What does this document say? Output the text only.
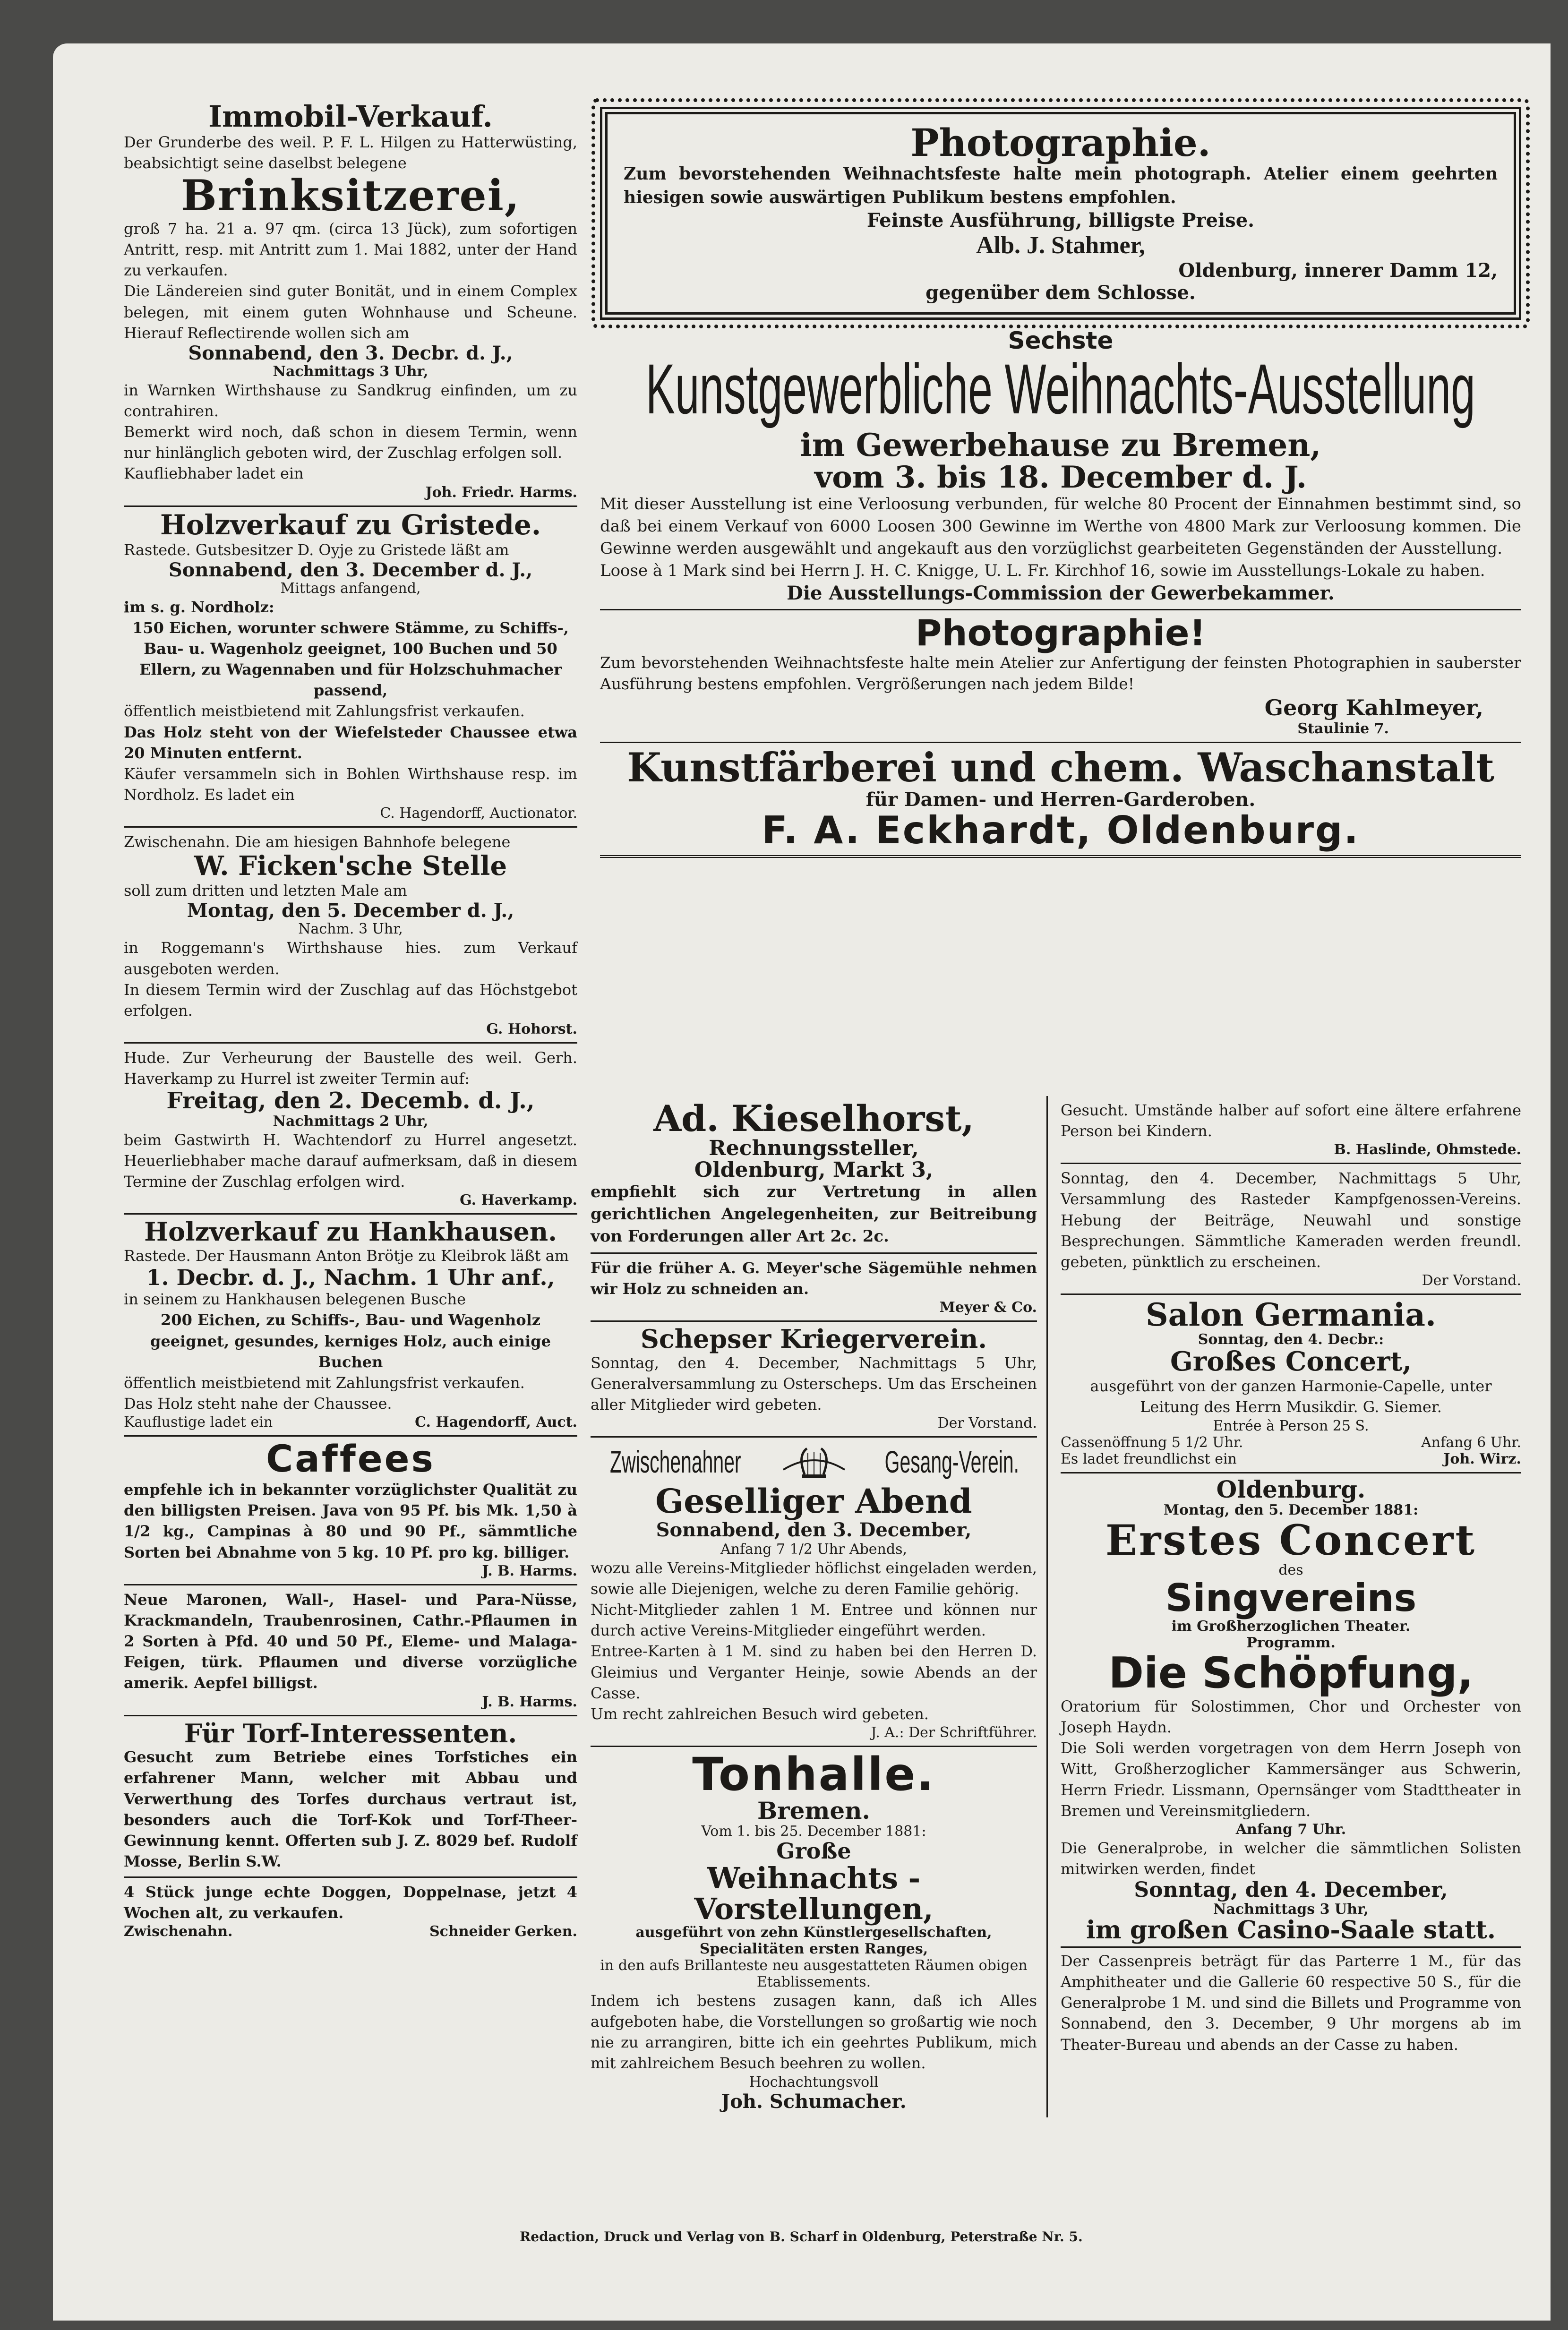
Immobil-Verkauf.
Der Grunderbe des weil. P. F. L. Hilgen zu Hatterwüsting, beabsichtigt seine daselbst belegene
Brinksitzerei,
groß 7 ha. 21 a. 97 qm. (circa 13 Jück), zum sofortigen Antritt, resp. mit Antritt zum 1. Mai 1882, unter der Hand zu verkaufen.
Die Ländereien sind guter Bonität, und in einem Complex belegen, mit einem guten Wohnhause und Scheune. Hierauf Reflectirende wollen sich am
Sonnabend, den 3. Decbr. d. J.,
Nachmittags 3 Uhr,
in Warnken Wirthshause zu Sandkrug einfinden, um zu contrahiren.
Bemerkt wird noch, daß schon in diesem Termin, wenn nur hinlänglich geboten wird, der Zuschlag erfolgen soll.
Kaufliebhaber ladet ein
Joh. Friedr. Harms.
Holzverkauf zu Gristede.
Rastede. Gutsbesitzer D. Oyje zu Gristede läßt am
Sonnabend, den 3. December d. J.,
Mittags anfangend,
im s. g. Nordholz:
150 Eichen, worunter schwere Stämme, zu Schiffs-, Bau- u. Wagenholz geeignet, 100 Buchen und 50 Ellern, zu Wagennaben und für Holzschuhmacher passend,
öffentlich meistbietend mit Zahlungsfrist verkaufen.
Das Holz steht von der Wiefelsteder Chaussee etwa 20 Minuten entfernt.
Käufer versammeln sich in Bohlen Wirthshause resp. im Nordholz. Es ladet ein
C. Hagendorff, Auctionator.
Zwischenahn. Die am hiesigen Bahnhofe belegene
W. Ficken'sche Stelle
soll zum dritten und letzten Male am
Montag, den 5. December d. J.,
Nachm. 3 Uhr,
in Roggemann's Wirthshause hies. zum Verkauf ausgeboten werden.
In diesem Termin wird der Zuschlag auf das Höchstgebot erfolgen.
G. Hohorst.
Hude. Zur Verheurung der Baustelle des weil. Gerh. Haverkamp zu Hurrel ist zweiter Termin auf:
Freitag, den 2. Decemb. d. J.,
Nachmittags 2 Uhr,
beim Gastwirth H. Wachtendorf zu Hurrel angesetzt. Heuerliebhaber mache darauf aufmerksam, daß in diesem Termine der Zuschlag erfolgen wird.
G. Haverkamp.
Holzverkauf zu Hankhausen.
Rastede. Der Hausmann Anton Brötje zu Kleibrok läßt am
1. Decbr. d. J., Nachm. 1 Uhr anf.,
in seinem zu Hankhausen belegenen Busche
200 Eichen, zu Schiffs-, Bau- und Wagenholz geeignet, gesundes, kerniges Holz, auch einige Buchen
öffentlich meistbietend mit Zahlungsfrist verkaufen.
Das Holz steht nahe der Chaussee.
Kauflustige ladet ein	C. Hagendorff, Auct.
Caffees
empfehle ich in bekannter vorzüglichster Qualität zu den billigsten Preisen. Java von 95 Pf. bis Mk. 1,50 à 1/2 kg., Campinas à 80 und 90 Pf., sämmtliche Sorten bei Abnahme von 5 kg. 10 Pf. pro kg. billiger.
J. B. Harms.
Neue Maronen, Wall-, Hasel- und Para-Nüsse, Krackmandeln, Traubenrosinen, Cathr.-Pflaumen in 2 Sorten à Pfd. 40 und 50 Pf., Eleme- und Malaga-Feigen, türk. Pflaumen und diverse vorzügliche amerik. Aepfel billigst.
J. B. Harms.
Für Torf-Interessenten.
Gesucht zum Betriebe eines Torfstiches ein erfahrener Mann, welcher mit Abbau und Verwerthung des Torfes durchaus vertraut ist, besonders auch die Torf-Kok und Torf-Theer-Gewinnung kennt. Offerten sub J. Z. 8029 bef. Rudolf Mosse, Berlin S.W.
4 Stück junge echte Doggen, Doppelnase, jetzt 4 Wochen alt, zu verkaufen.
Zwischenahn.	Schneider Gerken.
Photographie.
Zum bevorstehenden Weihnachtsfeste halte mein photograph. Atelier einem geehrten hiesigen sowie auswärtigen Publikum bestens empfohlen.
Feinste Ausführung, billigste Preise.
Alb. J. Stahmer,
Oldenburg, innerer Damm 12,
gegenüber dem Schlosse.
Sechste
Kunstgewerbliche Weihnachts-Ausstellung
im Gewerbehause zu Bremen,
vom 3. bis 18. December d. J.
Mit dieser Ausstellung ist eine Verloosung verbunden, für welche 80 Procent der Einnahmen bestimmt sind, so daß bei einem Verkauf von 6000 Loosen 300 Gewinne im Werthe von 4800 Mark zur Verloosung kommen. Die Gewinne werden ausgewählt und angekauft aus den vorzüglichst gearbeiteten Gegenständen der Ausstellung.
Loose à 1 Mark sind bei Herrn J. H. C. Knigge, U. L. Fr. Kirchhof 16, sowie im Ausstellungs-Lokale zu haben.
Die Ausstellungs-Commission der Gewerbekammer.
Photographie!
Zum bevorstehenden Weihnachtsfeste halte mein Atelier zur Anfertigung der feinsten Photographien in sauberster Ausführung bestens empfohlen. Vergrößerungen nach jedem Bilde!
Georg Kahlmeyer,
Staulinie 7.
Kunstfärberei und chem. Waschanstalt
für Damen- und Herren-Garderoben.
F. A. Eckhardt, Oldenburg.
Ad. Kieselhorst,
Rechnungssteller,
Oldenburg, Markt 3,
empfiehlt sich zur Vertretung in allen gerichtlichen Angelegenheiten, zur Beitreibung von Forderungen aller Art 2c. 2c.
Für die früher A. G. Meyer'sche Sägemühle nehmen wir Holz zu schneiden an.
Meyer & Co.
Schepser Kriegerverein.
Sonntag, den 4. December, Nachmittags 5 Uhr, Generalversammlung zu Osterscheps. Um das Erscheinen aller Mitglieder wird gebeten.
Der Vorstand.
Zwischenahner	Gesang-Verein.
Geselliger Abend
Sonnabend, den 3. December,
Anfang 7 1/2 Uhr Abends,
wozu alle Vereins-Mitglieder höflichst eingeladen werden, sowie alle Diejenigen, welche zu deren Familie gehörig.
Nicht-Mitglieder zahlen 1 M. Entree und können nur durch active Vereins-Mitglieder eingeführt werden.
Entree-Karten à 1 M. sind zu haben bei den Herren D. Gleimius und Verganter Heinje, sowie Abends an der Casse.
Um recht zahlreichen Besuch wird gebeten.
J. A.: Der Schriftführer.
Tonhalle.
Bremen.
Vom 1. bis 25. December 1881:
Große
Weihnachts - Vorstellungen,
ausgeführt von zehn Künstlergesellschaften, Specialitäten ersten Ranges,
in den aufs Brillanteste neu ausgestatteten Räumen obigen Etablissements.
Indem ich bestens zusagen kann, daß ich Alles aufgeboten habe, die Vorstellungen so großartig wie noch nie zu arrangiren, bitte ich ein geehrtes Publikum, mich mit zahlreichem Besuch beehren zu wollen.
Hochachtungsvoll
Joh. Schumacher.
Gesucht. Umstände halber auf sofort eine ältere erfahrene Person bei Kindern.
B. Haslinde, Ohmstede.
Sonntag, den 4. December, Nachmittags 5 Uhr, Versammlung des Rasteder Kampfgenossen-Vereins. Hebung der Beiträge, Neuwahl und sonstige Besprechungen. Sämmtliche Kameraden werden freundl. gebeten, pünktlich zu erscheinen.
Der Vorstand.
Salon Germania.
Sonntag, den 4. Decbr.:
Großes Concert,
ausgeführt von der ganzen Harmonie-Capelle, unter Leitung des Herrn Musikdir. G. Siemer.
Entrée à Person 25 S.
Cassenöffnung 5 1/2 Uhr.	Anfang 6 Uhr.
Es ladet freundlichst ein	Joh. Wirz.
Oldenburg.
Montag, den 5. December 1881:
Erstes Concert
des
Singvereins
im Großherzoglichen Theater.
Programm.
Die Schöpfung,
Oratorium für Solostimmen, Chor und Orchester von Joseph Haydn.
Die Soli werden vorgetragen von dem Herrn Joseph von Witt, Großherzoglicher Kammersänger aus Schwerin, Herrn Friedr. Lissmann, Opernsänger vom Stadttheater in Bremen und Vereinsmitgliedern.
Anfang 7 Uhr.
Die Generalprobe, in welcher die sämmtlichen Solisten mitwirken werden, findet
Sonntag, den 4. December,
Nachmittags 3 Uhr,
im großen Casino-Saale statt.
Der Cassenpreis beträgt für das Parterre 1 M., für das Amphitheater und die Gallerie 60 respective 50 S., für die Generalprobe 1 M. und sind die Billets und Programme von Sonnabend, den 3. December, 9 Uhr morgens ab im Theater-Bureau und abends an der Casse zu haben.
Redaction, Druck und Verlag von B. Scharf in Oldenburg, Peterstraße Nr. 5.
